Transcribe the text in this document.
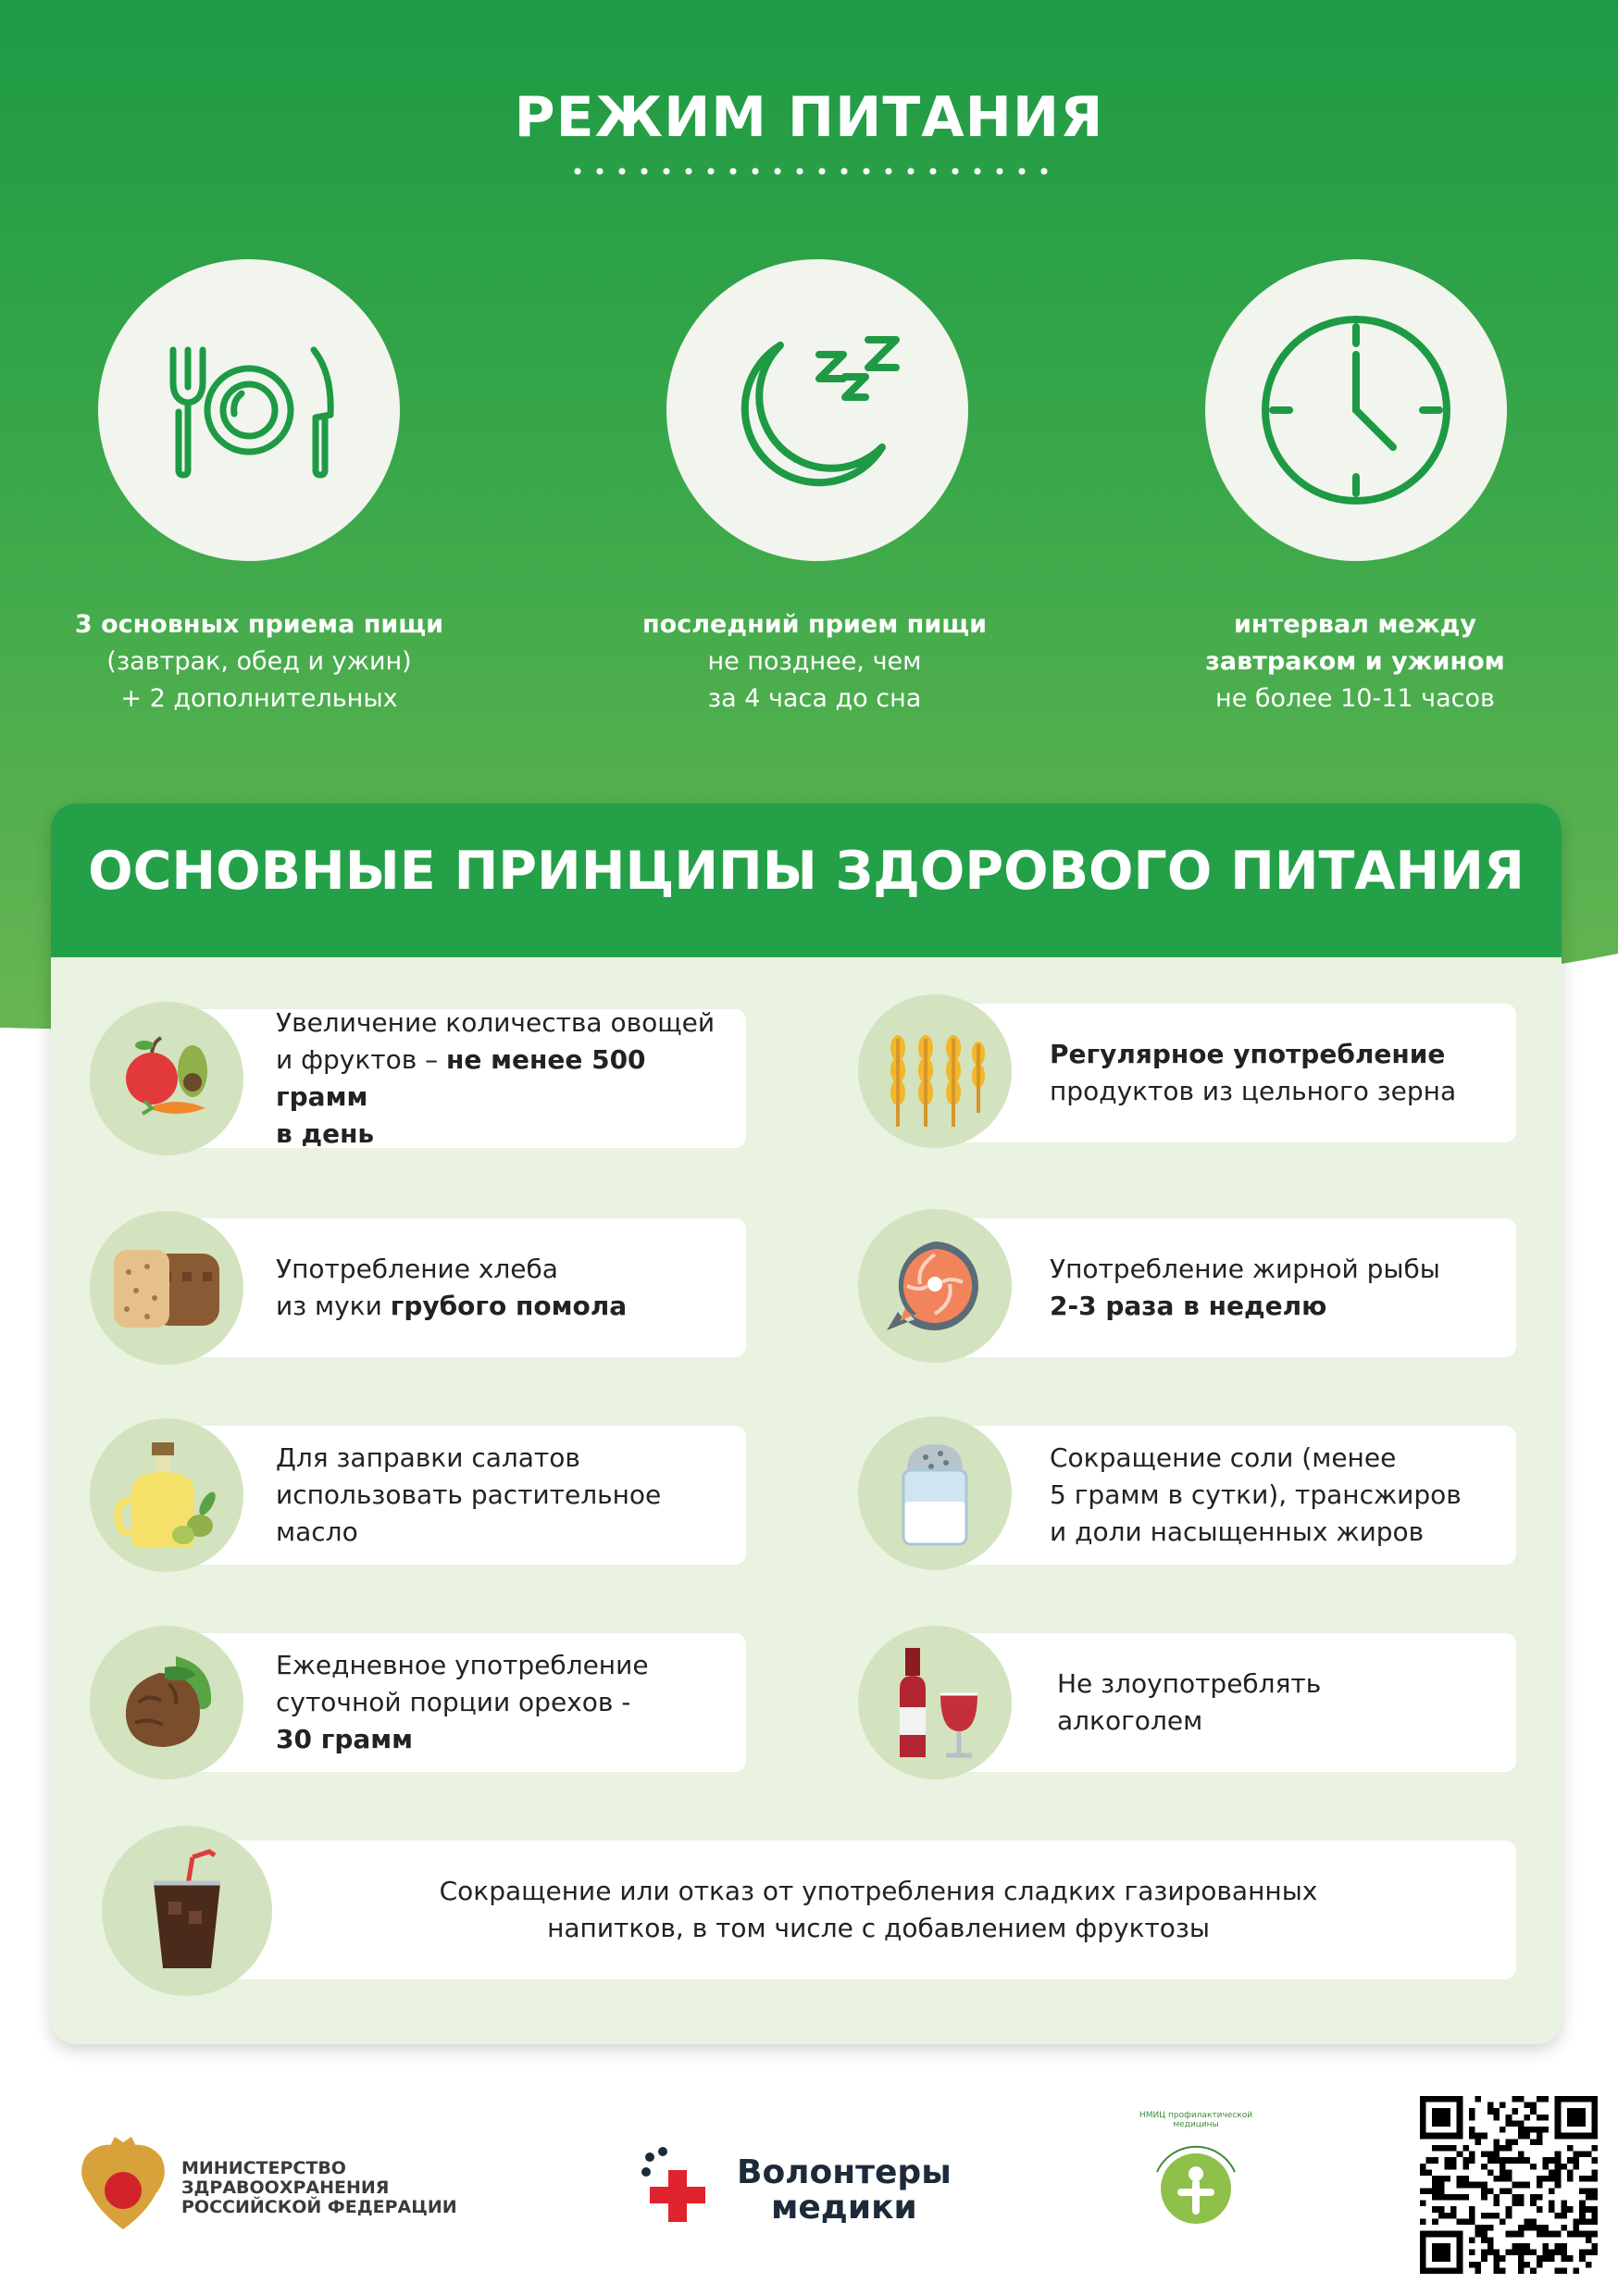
РЕЖИМ ПИТАНИЯ
3 основных приема пищи
(завтрак, обед и ужин)
+ 2 дополнительных
последний прием пищи
не позднее, чем
за 4 часа до сна
интервал между
завтраком и ужином
не более 10-11 часов
ОСНОВНЫЕ ПРИНЦИПЫ ЗДОРОВОГО ПИТАНИЯ
Увеличение количества овощей
и фруктов – не менее 500 грамм
в день
Регулярное употребление
продуктов из цельного зерна
Употребление хлеба
из муки грубого помола
Употребление жирной рыбы
2-3 раза в неделю
Для заправки салатов
использовать растительное
масло
Сокращение соли (менее
5 грамм в сутки), трансжиров
и доли насыщенных жиров
Ежедневное употребление
суточной порции орехов -
30 грамм
Не злоупотреблять
алкоголем
Сокращение или отказ от употребления сладких газированных
напитков, в том числе с добавлением фруктозы
МИНИСТЕРСТВО
ЗДРАВООХРАНЕНИЯ
РОССИЙСКОЙ ФЕДЕРАЦИИ
Волонтеры
медики
НМИЦ профилактической медицины
